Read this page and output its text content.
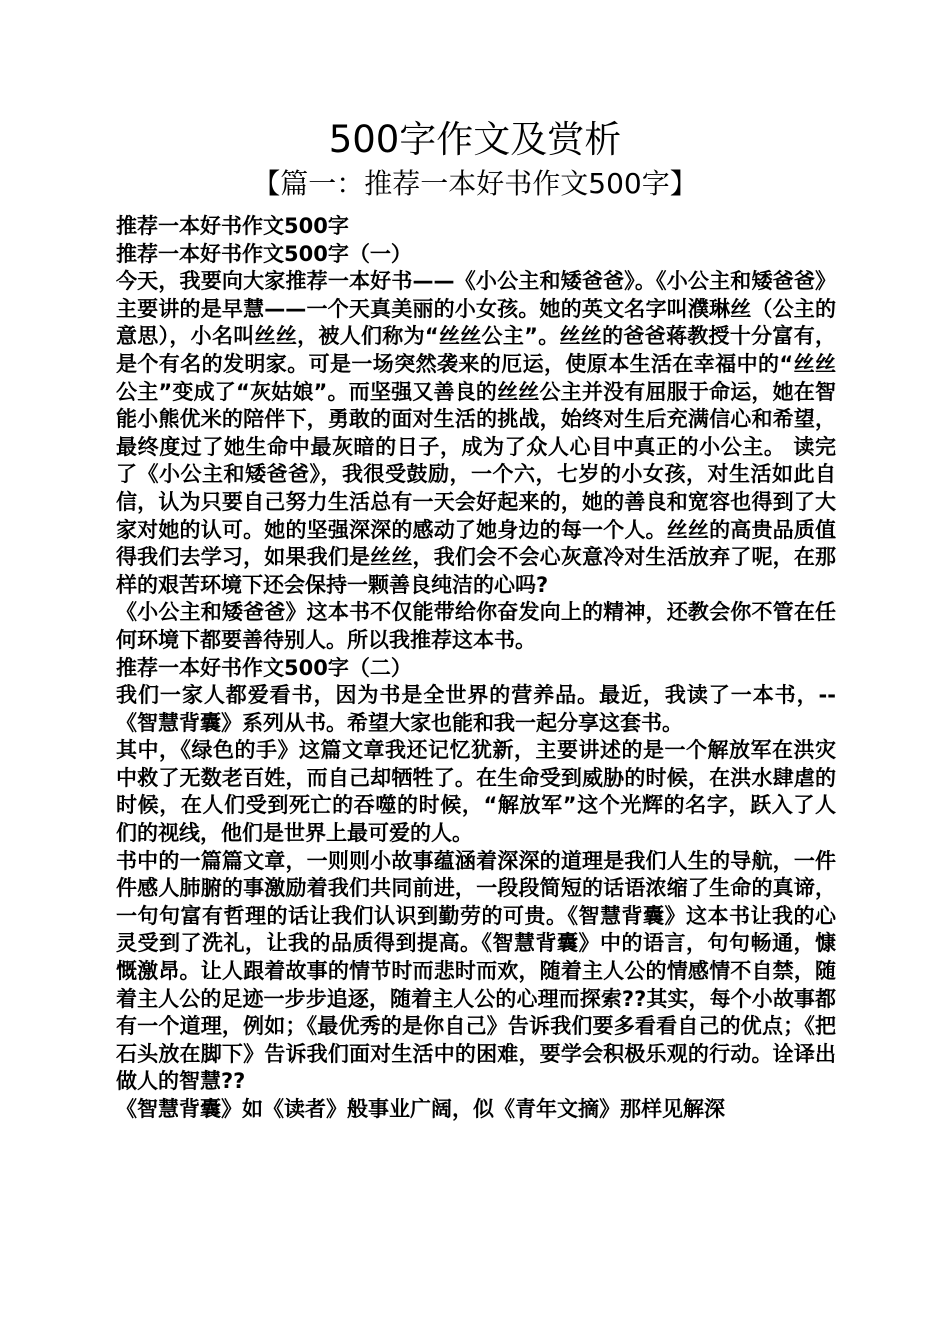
500字作文及赏析
【篇一：推荐一本好书作文500字】

推荐一本好书作文500字

推荐一本好书作文500字（一）

今天，我要向大家推荐一本好书——《小公主和矮爸爸》。《小公主和矮爸爸》主要讲的是早慧——一个天真美丽的小女孩。她的英文名字叫濮琳丝（公主的意思），小名叫丝丝，被人们称为“丝丝公主”。丝丝的爸爸蒋教授十分富有，是个有名的发明家。可是一场突然袭来的厄运，使原本生活在幸福中的“丝丝公主”变成了“灰姑娘”。而坚强又善良的丝丝公主并没有屈服于命运，她在智能小熊优米的陪伴下，勇敢的面对生活的挑战，始终对生后充满信心和希望，最终度过了她生命中最灰暗的日子，成为了众人心目中真正的小公主。 读完了《小公主和矮爸爸》，我很受鼓励，一个六，七岁的小女孩，对生活如此自信，认为只要自己努力生活总有一天会好起来的，她的善良和宽容也得到了大家对她的认可。她的坚强深深的感动了她身边的每一个人。丝丝的高贵品质值得我们去学习，如果我们是丝丝，我们会不会心灰意冷对生活放弃了呢，在那样的艰苦环境下还会保持一颗善良纯洁的心吗?

《小公主和矮爸爸》这本书不仅能带给你奋发向上的精神，还教会你不管在任何环境下都要善待别人。所以我推荐这本书。

推荐一本好书作文500字（二）

我们一家人都爱看书，因为书是全世界的营养品。最近，我读了一本书，--《智慧背囊》系列从书。希望大家也能和我一起分享这套书。

其中，《绿色的手》这篇文章我还记忆犹新，主要讲述的是一个解放军在洪灾中救了无数老百姓，而自己却牺牲了。在生命受到威胁的时候，在洪水肆虐的时候，在人们受到死亡的吞噬的时候，“解放军”这个光辉的名字，跃入了人们的视线，他们是世界上最可爱的人。

书中的一篇篇文章，一则则小故事蕴涵着深深的道理是我们人生的导航，一件件感人肺腑的事激励着我们共同前进，一段段简短的话语浓缩了生命的真谛，一句句富有哲理的话让我们认识到勤劳的可贵。《智慧背囊》这本书让我的心灵受到了洗礼，让我的品质得到提高。《智慧背囊》中的语言，句句畅通，慷慨激昂。让人跟着故事的情节时而悲时而欢，随着主人公的情感情不自禁，随着主人公的足迹一步步追逐，随着主人公的心理而探索??其实，每个小故事都有一个道理，例如；《最优秀的是你自己》告诉我们要多看看自己的优点；《把石头放在脚下》告诉我们面对生活中的困难，要学会积极乐观的行动。诠译出做人的智慧??

《智慧背囊》如《读者》般事业广阔，似《青年文摘》那样见解深
